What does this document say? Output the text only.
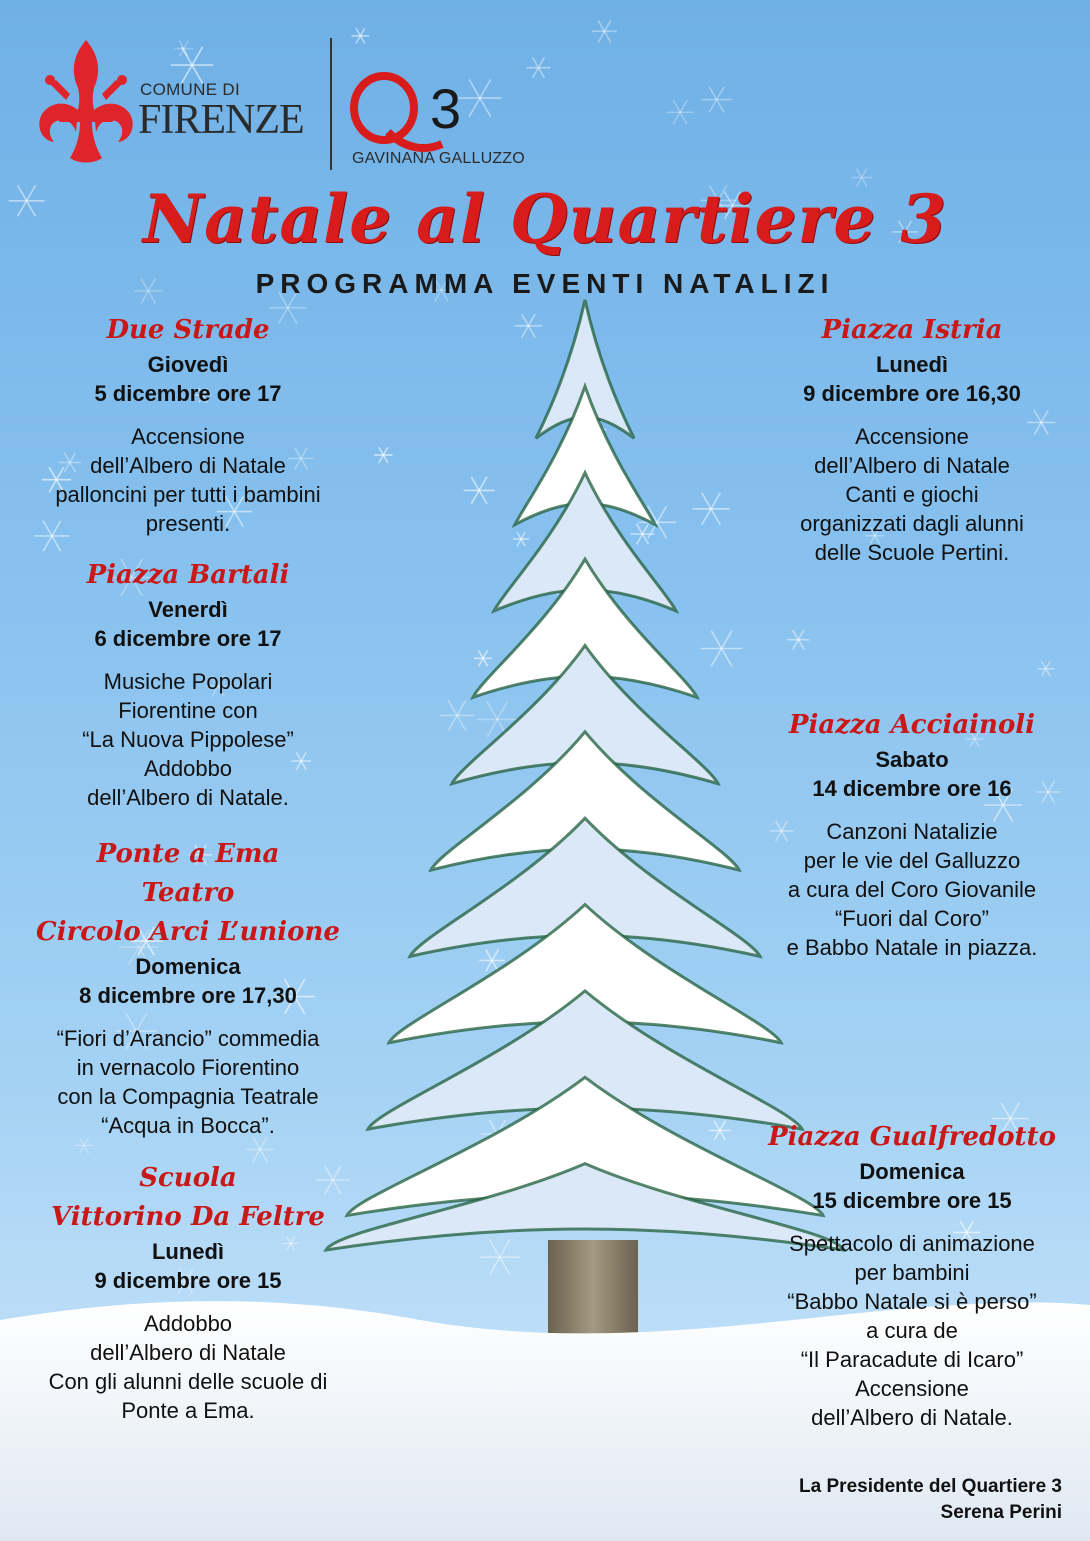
COMUNE DI
FIRENZE 3
GAVINANA GALLUZZO
Natale al Quartiere 3
PROGRAMMA EVENTI NATALIZI
Due Strade
Giovedì
5 dicembre ore 17
Accensione
dell’Albero di Natale
palloncini per tutti i bambini
presenti.
Piazza Bartali
Venerdì
6 dicembre ore 17
Musiche Popolari
Fiorentine con
“La Nuova Pippolese”
Addobbo
dell’Albero di Natale.
Ponte a Ema
Teatro
Circolo Arci L’unione
Domenica
8 dicembre ore 17,30
“Fiori d’Arancio” commedia
in vernacolo Fiorentino
con la Compagnia Teatrale
“Acqua in Bocca”.
Scuola
Vittorino Da Feltre
Lunedì
9 dicembre ore 15
Addobbo
dell’Albero di Natale
Con gli alunni delle scuole di
Ponte a Ema.
Piazza Istria
Lunedì
9 dicembre ore 16,30
Accensione
dell’Albero di Natale
Canti e giochi
organizzati dagli alunni
delle Scuole Pertini.
Piazza Acciainoli
Sabato
14 dicembre ore 16
Canzoni Natalizie
per le vie del Galluzzo
a cura del Coro Giovanile
“Fuori dal Coro”
e Babbo Natale in piazza.
Piazza Gualfredotto
Domenica
15 dicembre ore 15
Spettacolo di animazione
per bambini
“Babbo Natale si è perso”
a cura de
“Il Paracadute di Icaro”
Accensione
dell’Albero di Natale.
La Presidente del Quartiere 3
Serena Perini
